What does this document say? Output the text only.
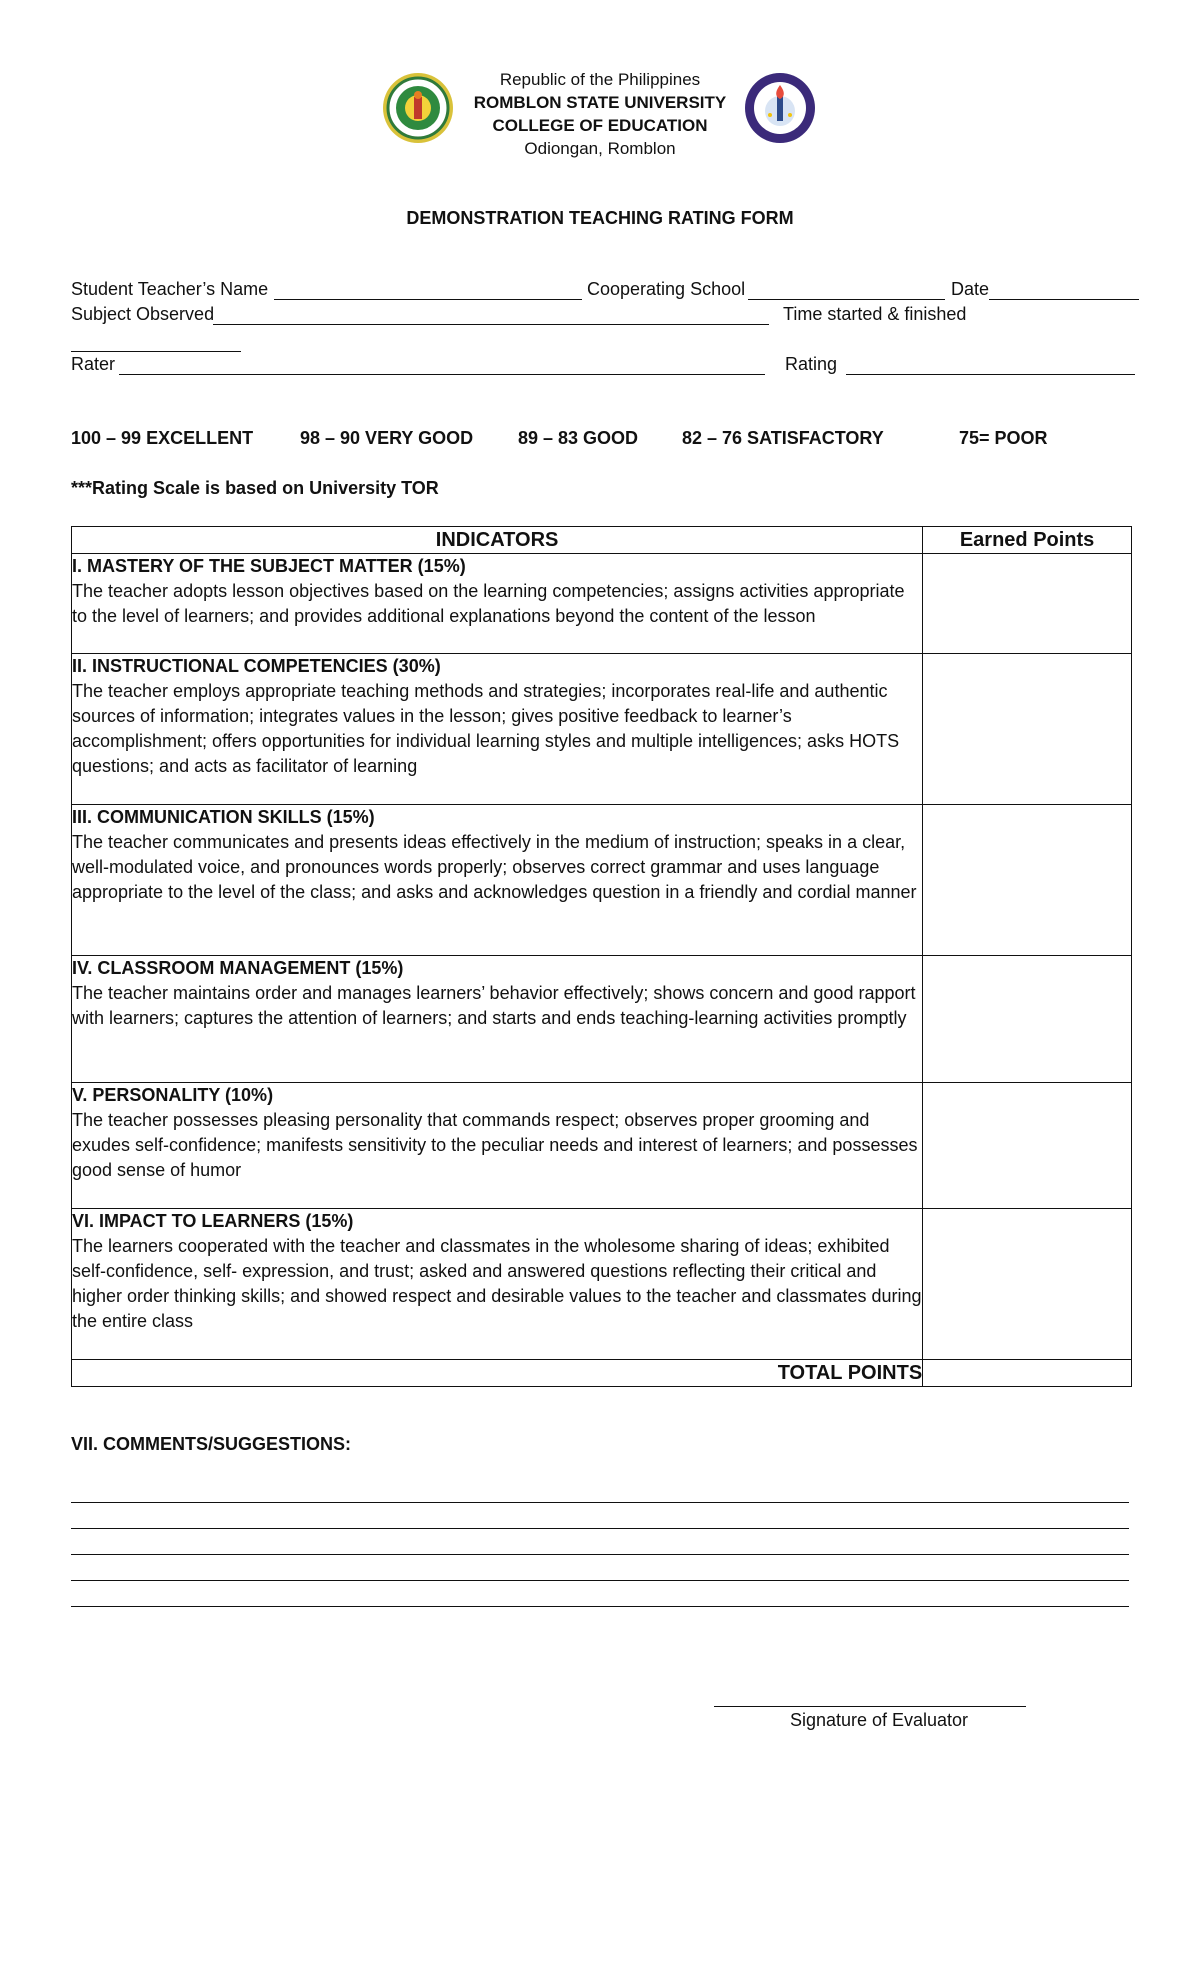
Republic of the Philippines
ROMBLON STATE UNIVERSITY
COLLEGE OF EDUCATION
Odiongan, Romblon
DEMONSTRATION TEACHING RATING FORM
Student Teacher’s Name	Cooperating School	Date
Subject Observed	Time started & finished
Rater	Rating
100 – 99 EXCELLENT	98 – 90 VERY GOOD 89 – 83 GOOD 82 – 76 SATISFACTORY	75= POOR
***Rating Scale is based on University TOR
INDICATORS	Earned Points

I. MASTERY OF THE SUBJECT MATTER (15%)
The teacher adopts lesson objectives based on the learning competencies; assigns activities appropriate to the level of learners; and provides additional explanations beyond the content of the lesson	

II. INSTRUCTIONAL COMPETENCIES (30%)
The teacher employs appropriate teaching methods and strategies; incorporates real-life and authentic sources of information; integrates values in the lesson; gives positive feedback to learner’s accomplishment; offers opportunities for individual learning styles and multiple intelligences; asks HOTS questions; and acts as facilitator of learning	

III. COMMUNICATION SKILLS (15%)
The teacher communicates and presents ideas effectively in the medium of instruction; speaks in a clear, well-modulated voice, and pronounces words properly; observes correct grammar and uses language appropriate to the level of the class; and asks and acknowledges question in a friendly and cordial manner	

IV. CLASSROOM MANAGEMENT (15%)
The teacher maintains order and manages learners’ behavior effectively; shows concern and good rapport with learners; captures the attention of learners; and starts and ends teaching-learning activities promptly	

V. PERSONALITY (10%)
The teacher possesses pleasing personality that commands respect; observes proper grooming and exudes self-confidence; manifests sensitivity to the peculiar needs and interest of learners; and possesses good sense of humor	

VI. IMPACT TO LEARNERS (15%)
The learners cooperated with the teacher and classmates in the wholesome sharing of ideas; exhibited self-confidence, self- expression, and trust; asked and answered questions reflecting their critical and higher order thinking skills; and showed respect and desirable values to the teacher and classmates during the entire class	

TOTAL POINTS	
VII. COMMENTS/SUGGESTIONS:
Signature of Evaluator
